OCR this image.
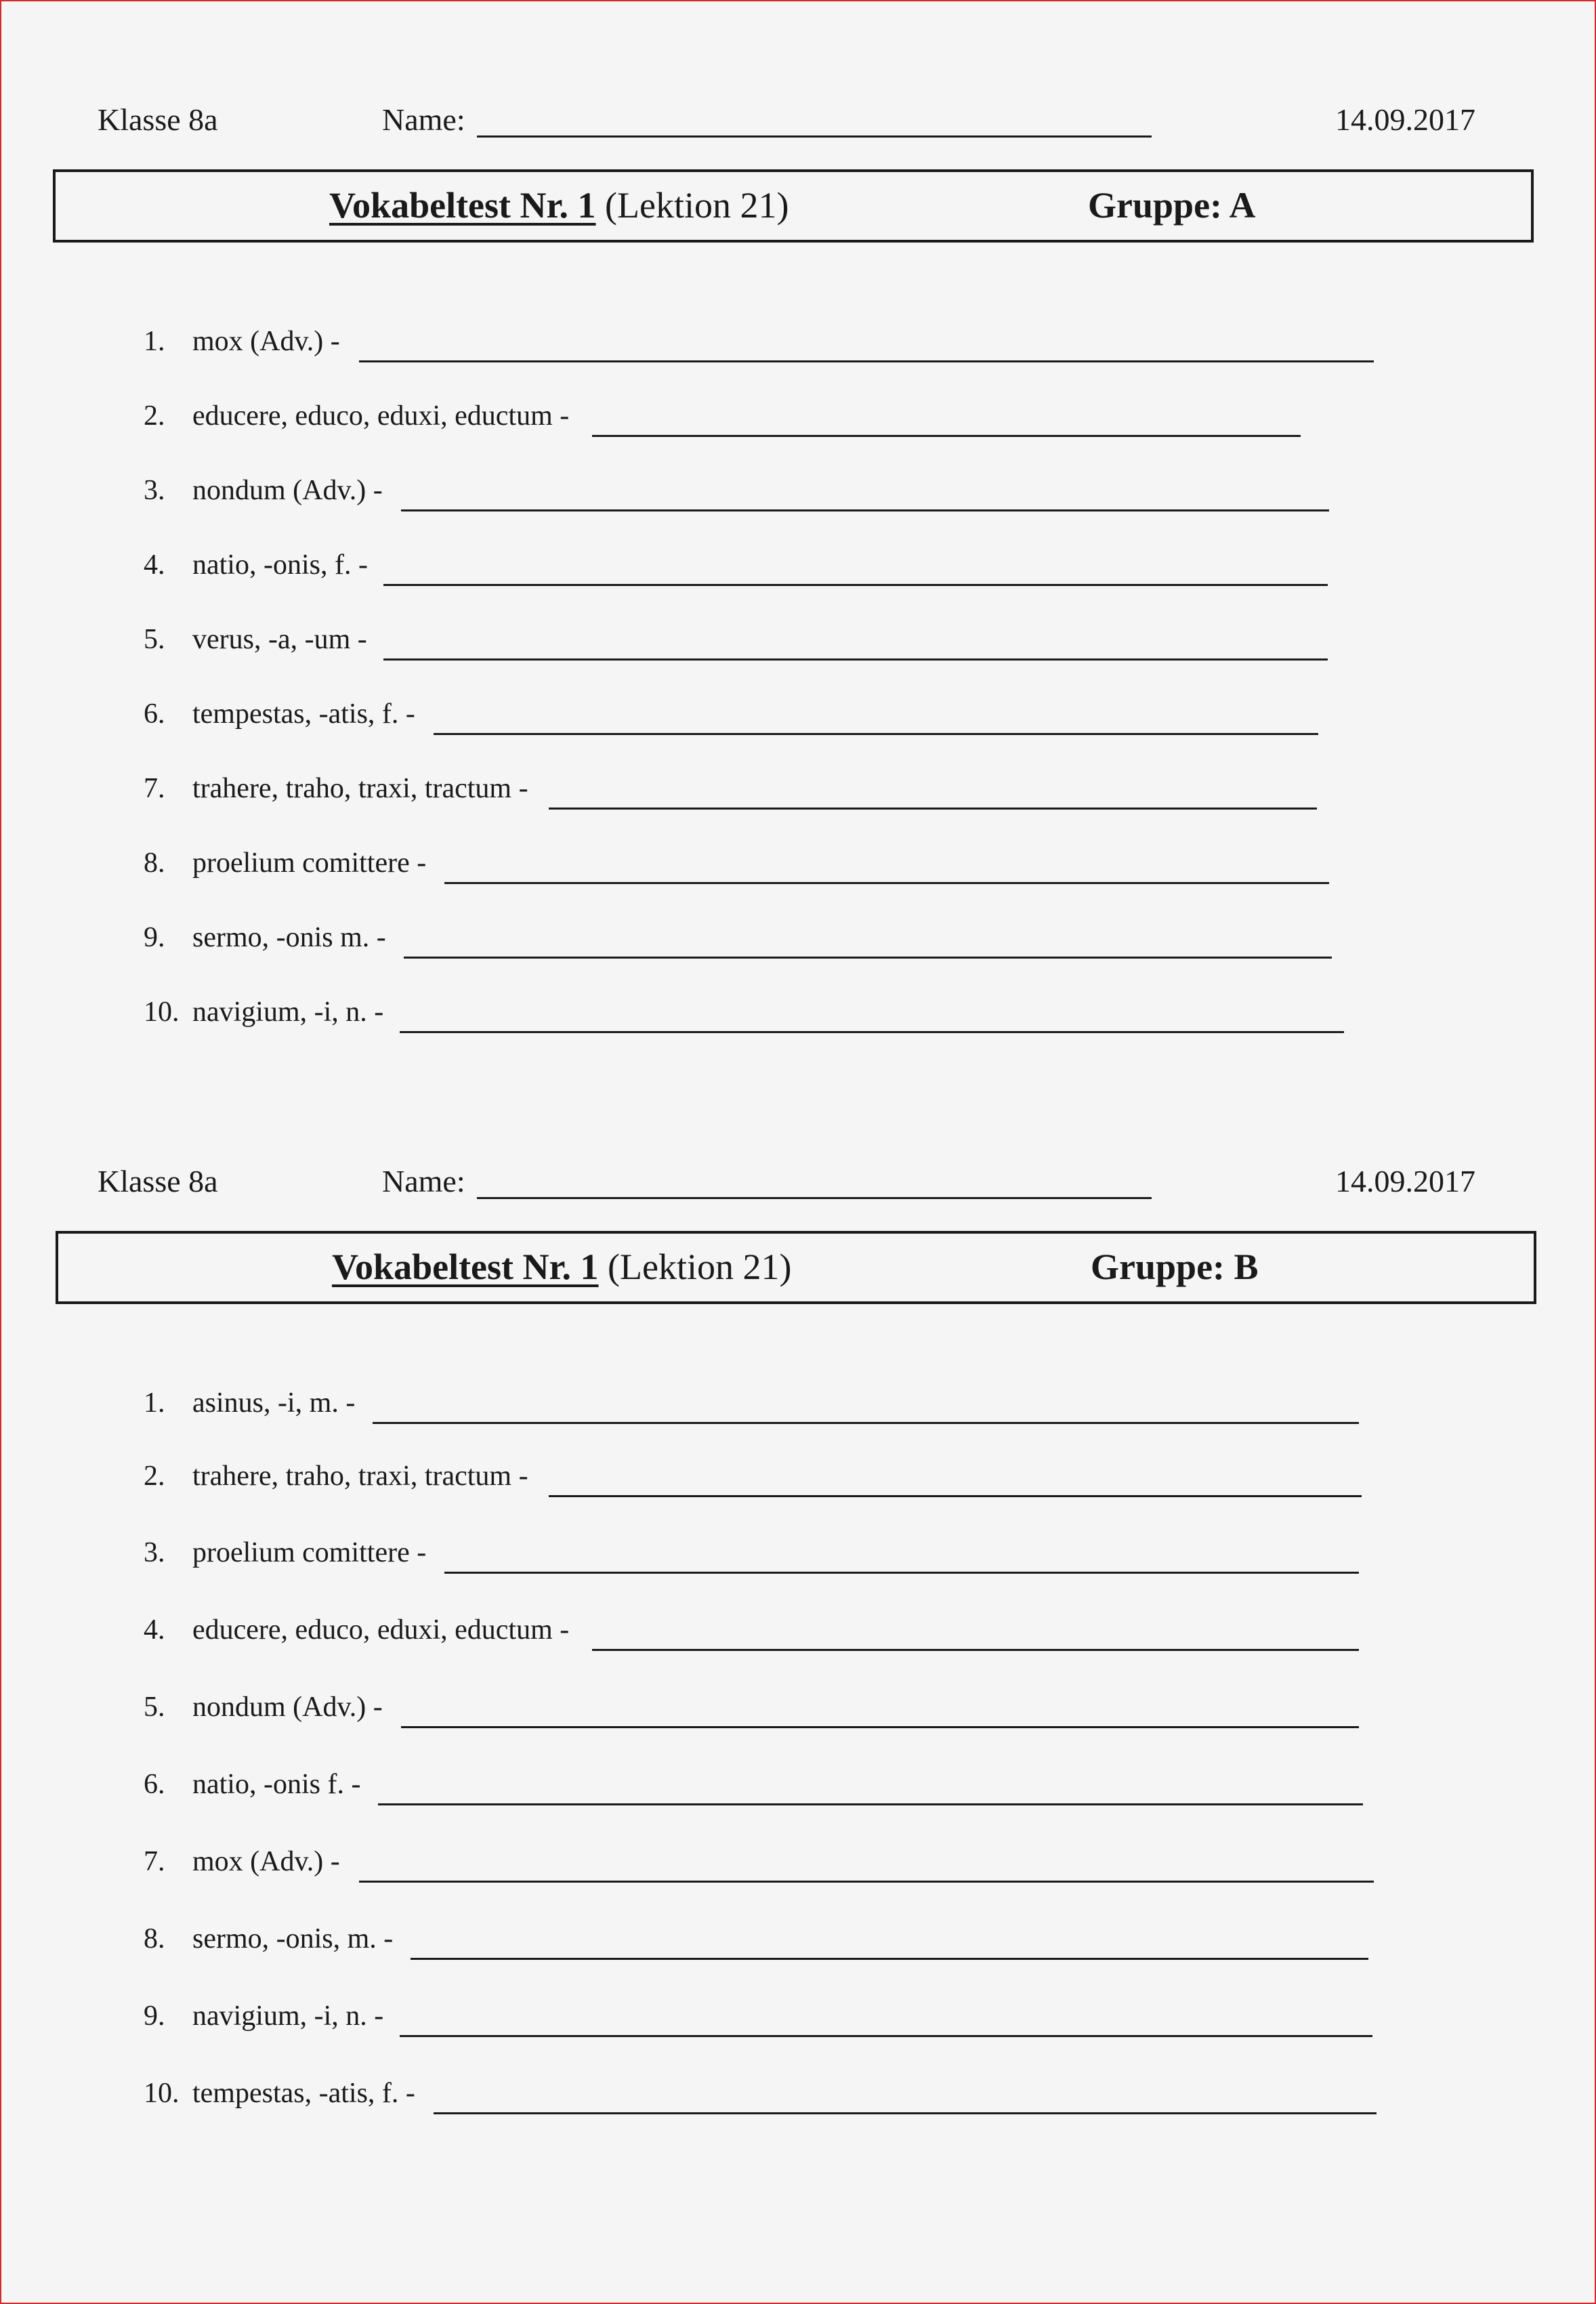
Klasse 8a	Name:	14.09.2017
Vokabeltest Nr. 1 (Lektion 21)	Gruppe: A
1. mox (Adv.) -
2. educere, educo, eduxi, eductum -
3. nondum (Adv.) -
4. natio, -onis, f. -
5. verus, -a, -um -
6. tempestas, -atis, f. -
7. trahere, traho, traxi, tractum -
8. proelium comittere -
9. sermo, -onis m. -
10. navigium, -i, n. -
Klasse 8a	Name:	14.09.2017
Vokabeltest Nr. 1 (Lektion 21)	Gruppe: B
1. asinus, -i, m. -
2. trahere, traho, traxi, tractum -
3. proelium comittere -
4. educere, educo, eduxi, eductum -
5. nondum (Adv.) -
6. natio, -onis f. -
7. mox (Adv.) -
8. sermo, -onis, m. -
9. navigium, -i, n. -
10. tempestas, -atis, f. -
